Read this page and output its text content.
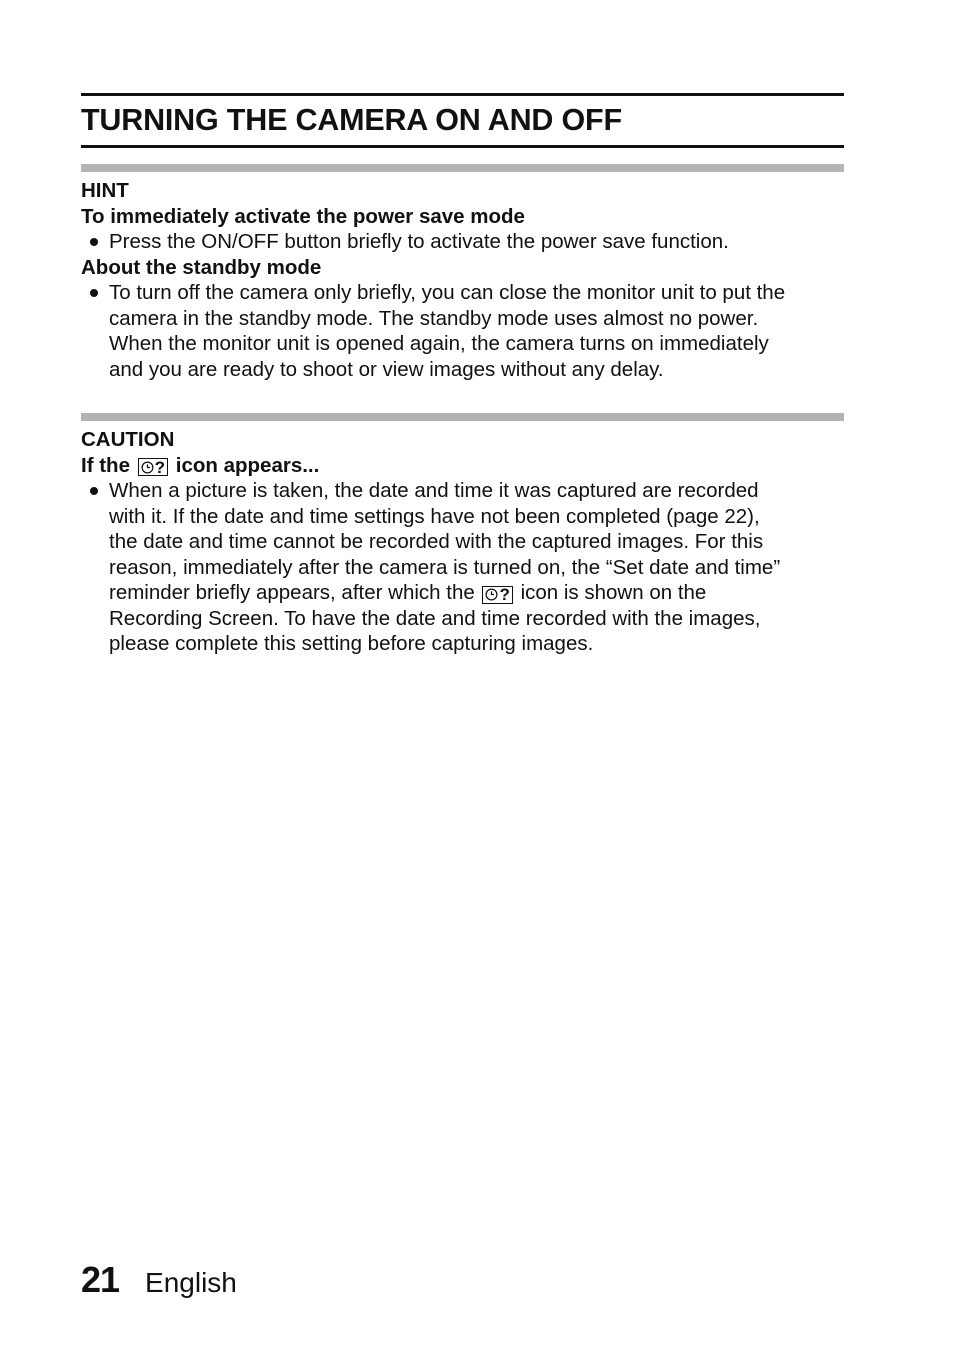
TURNING THE CAMERA ON AND OFF
HINT
To immediately activate the power save mode
Press the ON/OFF button briefly to activate the power save function.
About the standby mode
To turn off the camera only briefly, you can close the monitor unit to put the
camera in the standby mode. The standby mode uses almost no power.
When the monitor unit is opened again, the camera turns on immediately
and you are ready to shoot or view images without any delay.
CAUTION
If the ? icon appears...
When a picture is taken, the date and time it was captured are recorded
with it. If the date and time settings have not been completed (page 22),
the date and time cannot be recorded with the captured images. For this
reason, immediately after the camera is turned on, the “Set date and time”
reminder briefly appears, after which the ? icon is shown on the
Recording Screen. To have the date and time recorded with the images,
please complete this setting before capturing images.
21 English
